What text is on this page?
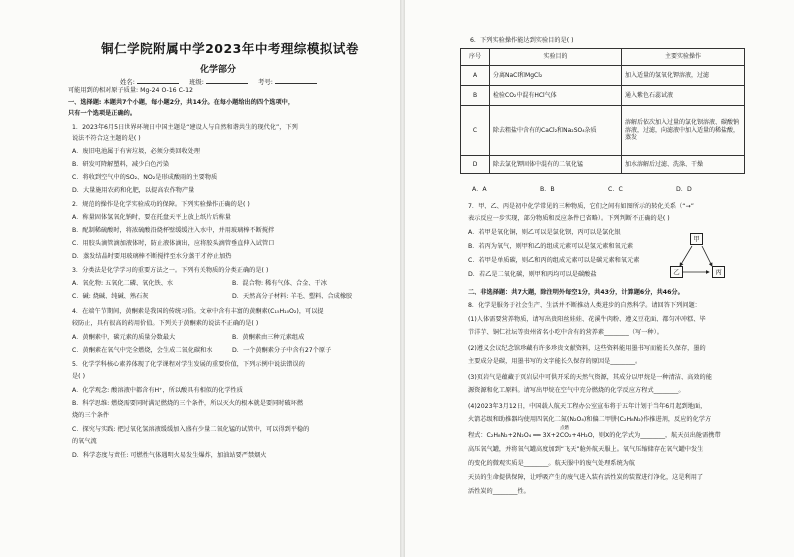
铜仁学院附属中学2023年中考理综模拟试卷
化学部分
姓名:	班级:	考号:
可能用到的相对原子质量: Mg-24 O-16 C-12
一、选择题: 本题共7个小题，每小题2分，共14分。在每小题给出的四个选项中，
只有一个选项是正确的。
1．2023年6月5日世界环境日中国主题是“建设人与自然和谐共生的现代化”，下列
说法不符合这主题的是( )
A．废旧电池属于有害垃圾，必须分类回收处理
B．研发可降解塑料，减少白色污染
C．将收到空气中的SO₂、NO₂是形成酸雨的主要物质
D．大量施用农药和化肥，以提高农作物产量
2．规范的操作是化学实验成功的保障。下列实验操作正确的是( )
A．称量固体氢氧化钠时，要在托盘天平上放上纸片后称量
B．配制稀硫酸时，将浓硫酸沿烧杯壁缓缓注入水中，并用玻璃棒不断搅拌
C．用胶头滴管滴加液体时，防止液体滴出，应将胶头滴管垂直伸入试管口
D．蒸发结晶时要用玻璃棒不断搅拌至水分蒸干才停止加热
3．分类法是化学学习的重要方法之一。下列有关物质的分类正确的是( )
A．氧化物: 五氧化二磷、氧化铁、水	B．混合物: 稀有气体、合金、干冰
C．碱: 烧碱、纯碱、熟石灰	D．天然高分子材料: 羊毛、塑料、合成橡胶
4．在端午节期间，黄酮素是我国的传统习俗。文章中含有丰富的黄酮素(C₁₅H₁₀O₂)，可以提
较防止，具有很高的药用价值。下列关于黄酮素的说法不正确的是( )
A．黄酮素中，碳元素的质量分数最大	B．黄酮素由三种元素组成
C．黄酮素在氧气中完全燃烧，会生成二氧化碳和水	D．一个黄酮素分子中含有27个原子
5．化学学科核心素养体现了化学课程对学生发展的重要价值，下列示例中说法错误的
是( )
A．化学观念: 酸溶液中都含有H⁺，所以酸具有相似的化学性质
B．科学思维: 燃烧需要同时满足燃烧的三个条件，所以灭火的根本就是要同时破坏燃
烧的三个条件
C．探究与实践: 把过氧化氢溶液缓缓加入盛有少量二氧化锰的试管中，可以得到平稳的
的氧气流
D．科学态度与责任: 可燃性气体遇明火易发生爆炸，加油站要严禁烟火
6．下列实验操作能达到实验目的是( )
序号	实验目的	主要实验操作
A	分离NaCl和MgCl₂	加入适量的氢氧化钾溶液，过滤
B	检验CO₂中混有HCl气体	通入紫色石蕊试液
C	除去粗盐中含有的CaCl₂和Na₂SO₄杂质	溶解后依次加入过量的氯化钡溶液、碳酸钠溶液，过滤，向滤液中加入适量的稀盐酸，蒸发
D	除去氯化钾固体中混有的二氧化锰	加水溶解后过滤、洗涤、干燥
A．A	B．B	C．C	D．D
7．甲、乙、丙是初中化学常见的三种物质，它们之间有如图所示的转化关系（“→”
表示反应一步实现，部分物质和反应条件已省略）。下列判断不正确的是( )
A．若甲是氧化铜，则乙可以是氯化钡，丙可以是氯化银
B．若丙为氧气，则甲和乙的组成元素可以是氢元素和氧元素
C．若甲是单质碳，则乙和丙的组成元素可以是碳元素和氧元素
D．若乙是二氧化碳，则甲和丙均可以是碳酸盐
甲
乙	丙
二、非选择题：共7大题，除注明外每空1分，共43分，计算题6分，共46分。
8．化学是服务于社会生产、生活并不断推动人类进步的自然科学。请回答下列问题：
(1)人体需要营养物质，请写出贵阳丝娃娃、花溪牛肉粉、遵义豆花面、都匀冲冲糕、毕
节洋芋、铜仁社坛等贵州省名小吃中含有的营养素________（写一种）。
(2)遵义会议纪念馆珍藏有许多珍贵文献资料，这些资料能用墨书写而能长久保存，墨的
主要成分是碳，用墨书写的文字能长久保存的原因是________。
(3)页岩气是蕴藏于页岩层中可供开采的天然气资源，其成分以甲烷是一种清洁、高效的能
源资源和化工原料。请写出甲烷在空气中充分燃烧的化学反应方程式________。
(4)2023年3月12日，中国载人航天工程办公室宣布将于五年计划于当年6月起到地面，
火箭芯级和助推器均使用四氧化二氮(N₂O₄)和偏二甲肼(C₂H₈N₂)作推进剂，反应的化学方
点燃
程式：C₂H₈N₂+2N₂O₄ ══ 3X+2CO₂+4H₂O，则X的化学式为________，航天员出舱需携带
高压氧气罐，并将氧气罐高度加到“飞天”舱外航天服上。氧气压缩储存在氧气罐中发生
的变化的微观实质是________。航天服中的废气处理系统为航
天员的生命提供保障，让呼吸产生的废气进入装有活性炭的装置进行净化，这是利用了
活性炭的________性。
